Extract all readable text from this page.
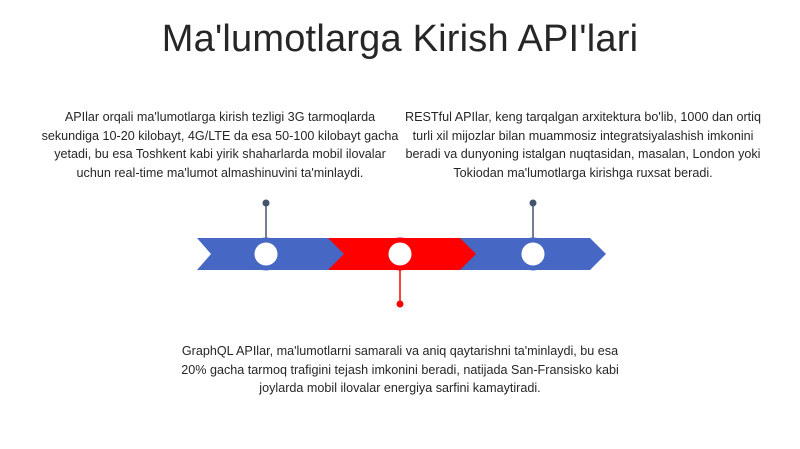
Ma'lumotlarga Kirish API'lari
APIlar orqali ma'lumotlarga kirish tezligi 3G tarmoqlarda sekundiga 10-20 kilobayt, 4G/LTE da esa 50-100 kilobayt gacha yetadi, bu esa Toshkent kabi yirik shaharlarda mobil ilovalar uchun real-time ma'lumot almashinuvini ta'minlaydi.
RESTful APIlar, keng tarqalgan arxitektura bo'lib, 1000 dan ortiq turli xil mijozlar bilan muammosiz integratsiyalashish imkonini beradi va dunyoning istalgan nuqtasidan, masalan, London yoki Tokiodan ma'lumotlarga kirishga ruxsat beradi.
GraphQL APIlar, ma'lumotlarni samarali va aniq qaytarishni ta'minlaydi, bu esa 20% gacha tarmoq trafigini tejash imkonini beradi, natijada San-Fransisko kabi joylarda mobil ilovalar energiya sarfini kamaytiradi.
